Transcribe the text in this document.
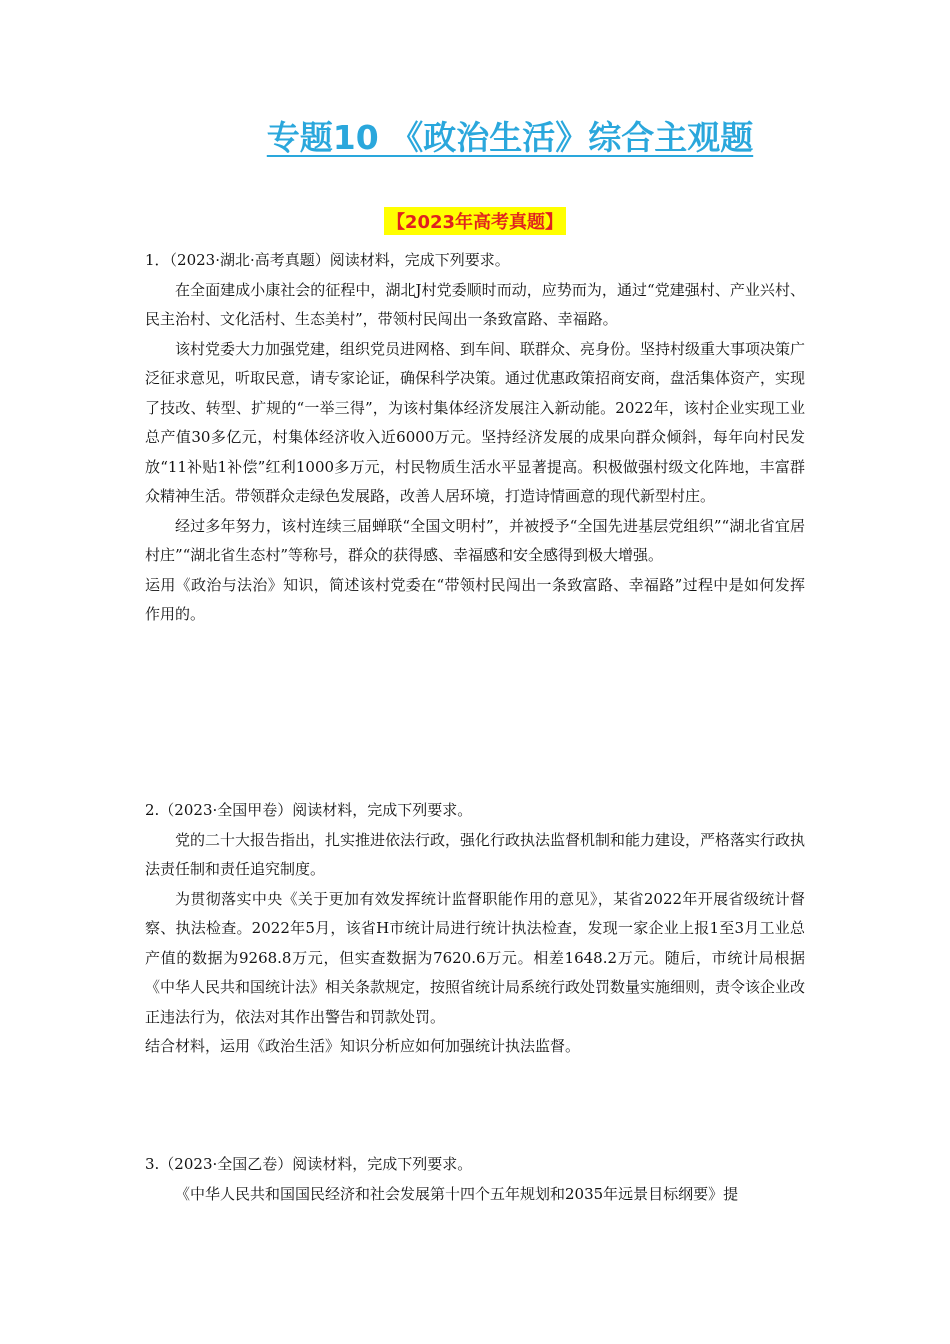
专题10 《政治生活》综合主观题
【2023年高考真题】

1．（2023·湖北·高考真题）阅读材料，完成下列要求。

在全面建成小康社会的征程中，湖北J村党委顺时而动，应势而为，通过“党建强村、产业兴村、民主治村、文化活村、生态美村”，带领村民闯出一条致富路、幸福路。

该村党委大力加强党建，组织党员进网格、到车间、联群众、亮身份。坚持村级重大事项决策广泛征求意见，听取民意，请专家论证，确保科学决策。通过优惠政策招商安商，盘活集体资产，实现了技改、转型、扩规的“一举三得”，为该村集体经济发展注入新动能。2022年，该村企业实现工业总产值30多亿元，村集体经济收入近6000万元。坚持经济发展的成果向群众倾斜，每年向村民发放“11补贴1补偿”红利1000多万元，村民物质生活水平显著提高。积极做强村级文化阵地，丰富群众精神生活。带领群众走绿色发展路，改善人居环境，打造诗情画意的现代新型村庄。

经过多年努力，该村连续三届蝉联“全国文明村”，并被授予“全国先进基层党组织”“湖北省宜居村庄”“湖北省生态村”等称号，群众的获得感、幸福感和安全感得到极大增强。

运用《政治与法治》知识，简述该村党委在“带领村民闯出一条致富路、幸福路”过程中是如何发挥作用的。

2.（2023·全国甲卷）阅读材料，完成下列要求。

党的二十大报告指出，扎实推进依法行政，强化行政执法监督机制和能力建设，严格落实行政执法责任制和责任追究制度。

为贯彻落实中央《关于更加有效发挥统计监督职能作用的意见》，某省2022年开展省级统计督察、执法检查。2022年5月，该省H市统计局进行统计执法检查，发现一家企业上报1至3月工业总产值的数据为9268.8万元，但实查数据为7620.6万元。相差1648.2万元。随后，市统计局根据《中华人民共和国统计法》相关条款规定，按照省统计局系统行政处罚数量实施细则，责令该企业改正违法行为，依法对其作出警告和罚款处罚。

结合材料，运用《政治生活》知识分析应如何加强统计执法监督。

3.（2023·全国乙卷）阅读材料，完成下列要求。

《中华人民共和国国民经济和社会发展第十四个五年规划和2035年远景目标纲要》提
